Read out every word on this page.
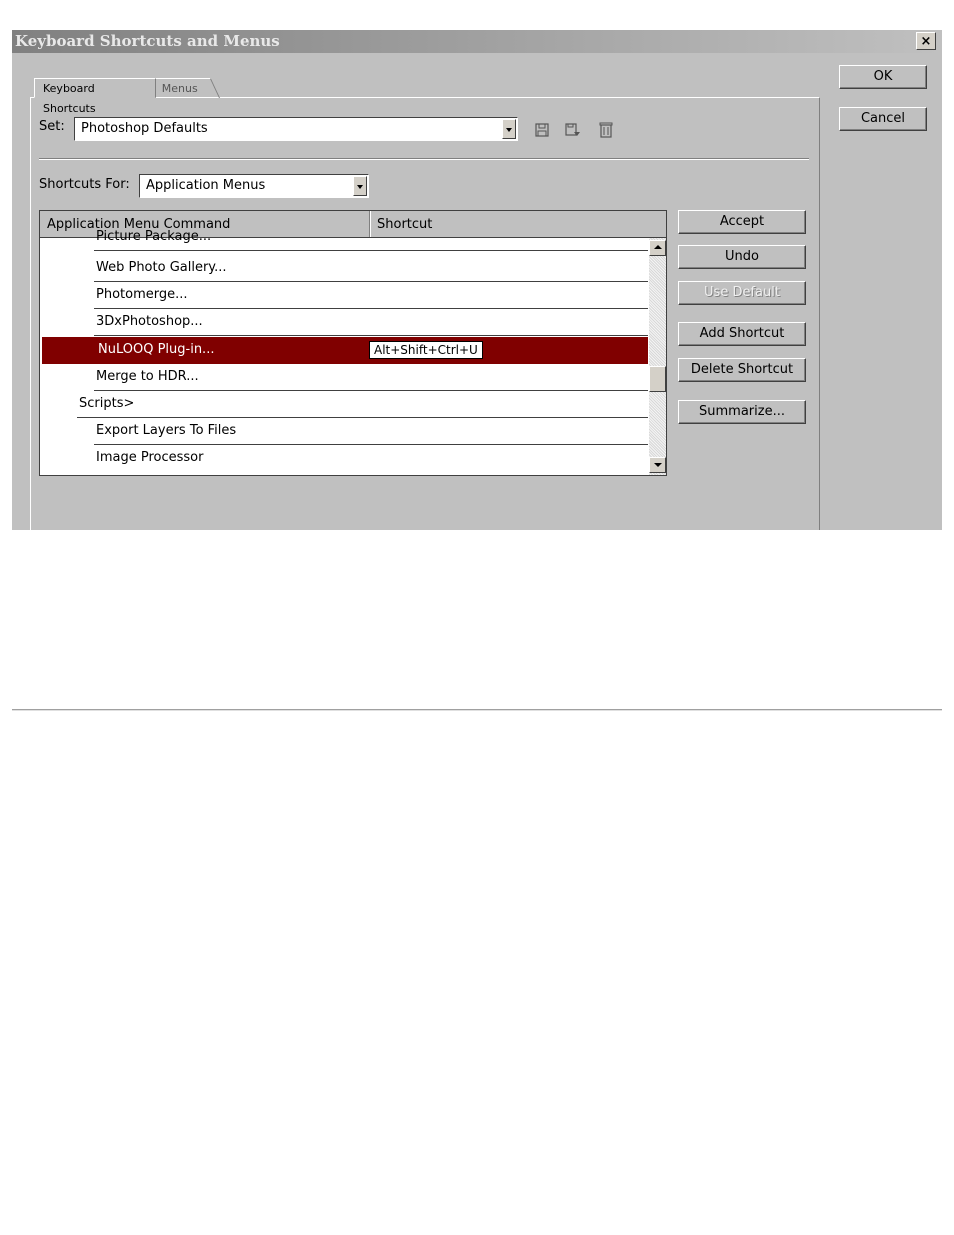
Keyboard Shortcuts and Menus	×
Keyboard Shortcuts
Menus
Set:	Photoshop Defaults
Shortcuts For:	Application Menus
Application Menu Command	Shortcut
Picture Package...
Web Photo Gallery...
Photomerge...
3DxPhotoshop...
NuLOOQ Plug-in...	Alt+Shift+Ctrl+U
Merge to HDR...
Scripts>
Export Layers To Files
Image Processor
Accept
Undo
Use Default
Add Shortcut
Delete Shortcut
Summarize...
OK
Cancel
